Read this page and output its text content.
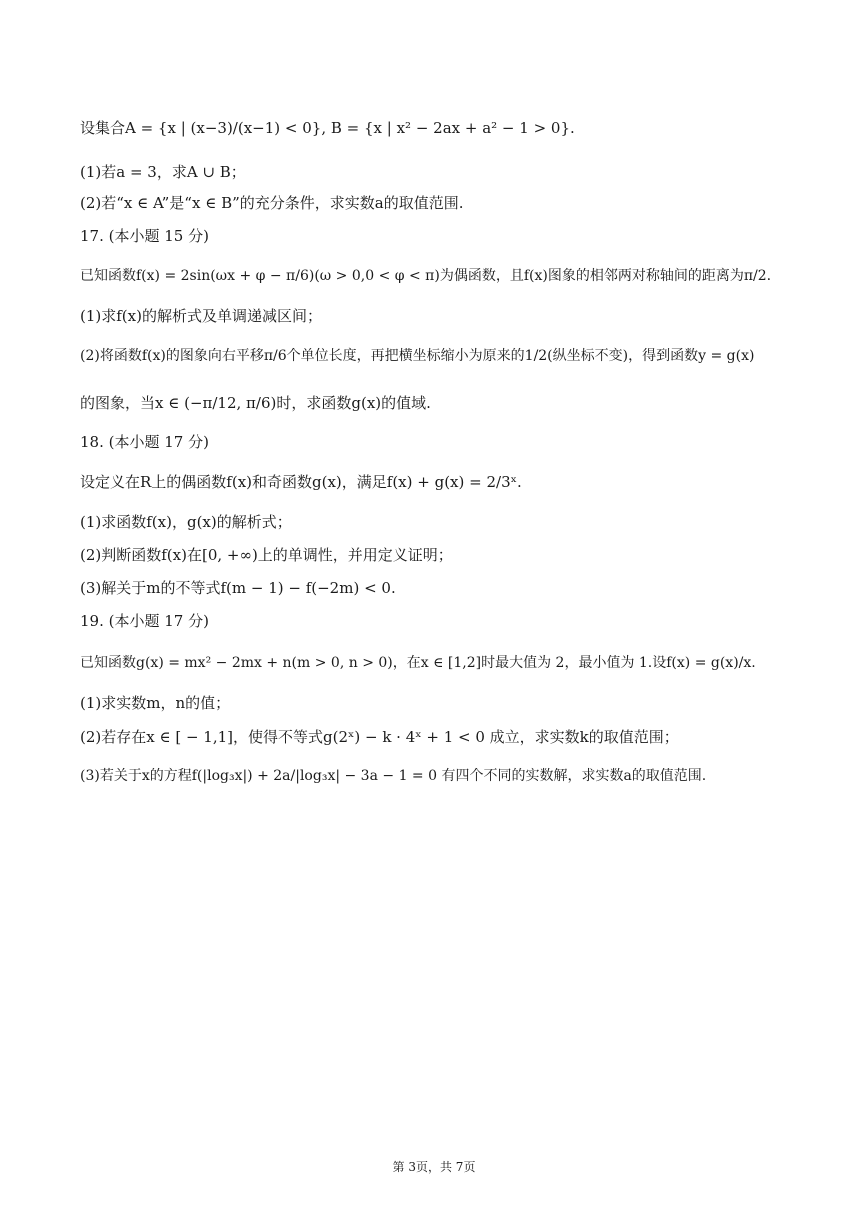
设集合A = {x | (x−3)/(x−1) < 0}, B = {x | x² − 2ax + a² − 1 > 0}.
(1)若a = 3，求A ∪ B；
(2)若“x ∈ A”是“x ∈ B”的充分条件，求实数a的取值范围.
17. (本小题 15 分)
已知函数f(x) = 2sin(ωx + φ − π/6)(ω > 0,0 < φ < π)为偶函数，且f(x)图象的相邻两对称轴间的距离为π/2.
(1)求f(x)的解析式及单调递减区间；
(2)将函数f(x)的图象向右平移π/6个单位长度，再把横坐标缩小为原来的1/2(纵坐标不变)，得到函数y = g(x)
的图象，当x ∈ (−π/12, π/6)时，求函数g(x)的值域.
18. (本小题 17 分)
设定义在R上的偶函数f(x)和奇函数g(x)，满足f(x) + g(x) = 2/3ˣ.
(1)求函数f(x)，g(x)的解析式；
(2)判断函数f(x)在[0, +∞)上的单调性，并用定义证明；
(3)解关于m的不等式f(m − 1) − f(−2m) < 0.
19. (本小题 17 分)
已知函数g(x) = mx² − 2mx + n(m > 0, n > 0)，在x ∈ [1,2]时最大值为 2，最小值为 1.设f(x) = g(x)/x.
(1)求实数m，n的值；
(2)若存在x ∈ [ − 1,1]，使得不等式g(2ˣ) − k · 4ˣ + 1 < 0 成立，求实数k的取值范围；
(3)若关于x的方程f(|log₃x|) + 2a/|log₃x| − 3a − 1 = 0 有四个不同的实数解，求实数a的取值范围.
第 3页，共 7页
